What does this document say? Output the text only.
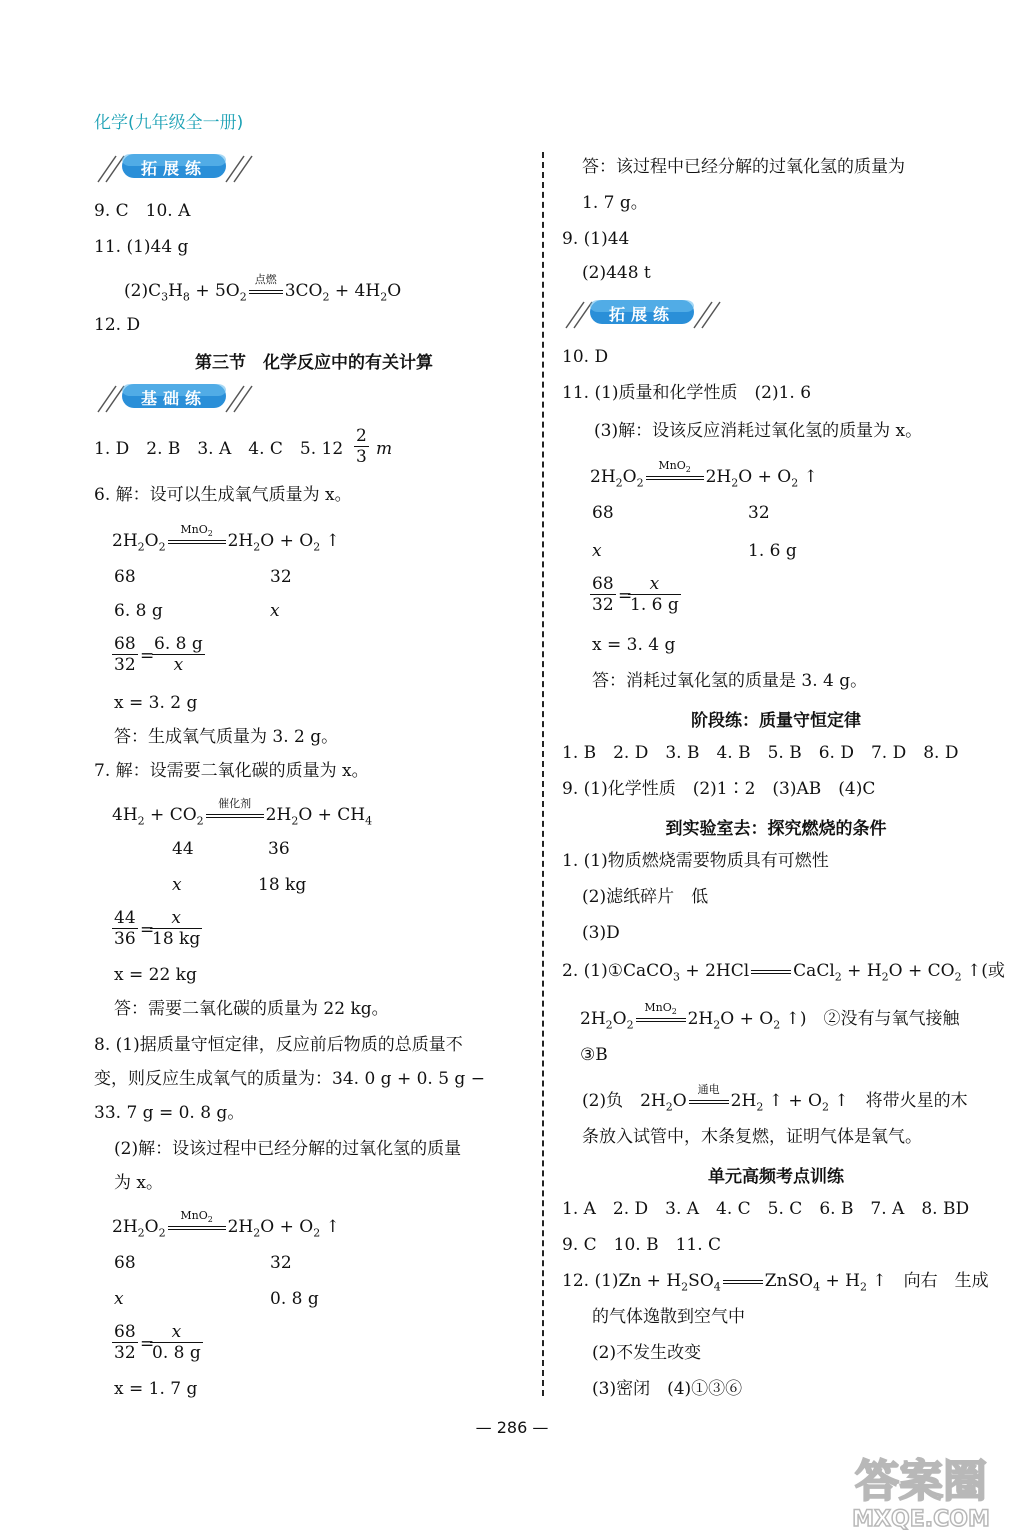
化学(九年级全一册)
拓展练
9. C　10. A
11. (1)44 g
$(2)C_3H_8 + 5O_2$
点燃
$3CO_2 + 4H_2O$
12. D
第三节　化学反应中的有关计算
基础练
1. D　2. B　3. A　4. C　5. $12 \frac{2}{3}$ m
6. 解：设可以生成氧气质量为 x。
$2H_2O_2$
MnO$_2$ $2H_2O + O_2$ ↑
68	32
6. 8 g	x
$\frac{68}{32}$ =
$\frac{6. 8 g}{x}$
x = 3. 2 g
答：生成氧气质量为 3. 2 g。
7. 解：设需要二氧化碳的质量为 x。
$4H_2 + CO_2$
催化剂
$2H_2O + CH_4$
44	36
x	18 kg
$\frac{44}{36}$ =
$\frac{x}{18 kg}$
x = 22 kg
答：需要二氧化碳的质量为 22 kg。
8. (1)据质量守恒定律，反应前后物质的总质量不
变，则反应生成氧气的质量为：34. 0 g + 0. 5 g −
33. 7 g = 0. 8 g。
(2)解：设该过程中已经分解的过氧化氢的质量
为 x。
$2H_2O_2$
MnO$_2$ $2H_2O + O_2$ ↑
68	32
x	0. 8 g
$\frac{68}{32}$ =
$\frac{x}{0. 8 g}$
x = 1. 7 g
答：该过程中已经分解的过氧化氢的质量为
1. 7 g。
9. (1)44
(2)448 t
拓展练
10. D
11. (1)质量和化学性质　(2)1. 6
(3)解：设该反应消耗过氧化氢的质量为 x。
$2H_2O_2$
MnO$_2$ $2H_2O + O_2$ ↑
68	32
x	1. 6 g
$\frac{68}{32}$ =
$\frac{x}{1. 6 g}$
x = 3. 4 g
答：消耗过氧化氢的质量是 3. 4 g。
阶段练：质量守恒定律
1. B　2. D　3. B　4. B　5. B　6. D　7. D　8. D
9. (1)化学性质　(2)1∶2　(3)AB　(4)C
到实验室去：探究燃烧的条件
1. (1)物质燃烧需要物质具有可燃性
(2)滤纸碎片　低
(3)D
2. (1)①CaCO$_3$ + 2HCl	CaCl$_2$ + $H_2O + CO_2$ ↑(或
$2H_2O_2$
MnO$_2$ $2H_2O + O_2$ ↑)　②没有与氧气接触
③B
(2)负　$2H_2O$
通电
$2H_2$ ↑ + $O_2$ ↑　将带火星的木
条放入试管中，木条复燃，证明气体是氧气。
单元高频考点训练
1. A　2. D　3. A　4. C　5. C　6. B　7. A　8. BD
9. C　10. B　11. C
12. $(1)Zn + H_2SO_4$	ZnSO$_4$ + $H_2$ ↑　向右　生成
的气体逸散到空气中
(2)不发生改变
(3)密闭　(4)①③⑥
— 286 —
答案圈
MXQE.COM
